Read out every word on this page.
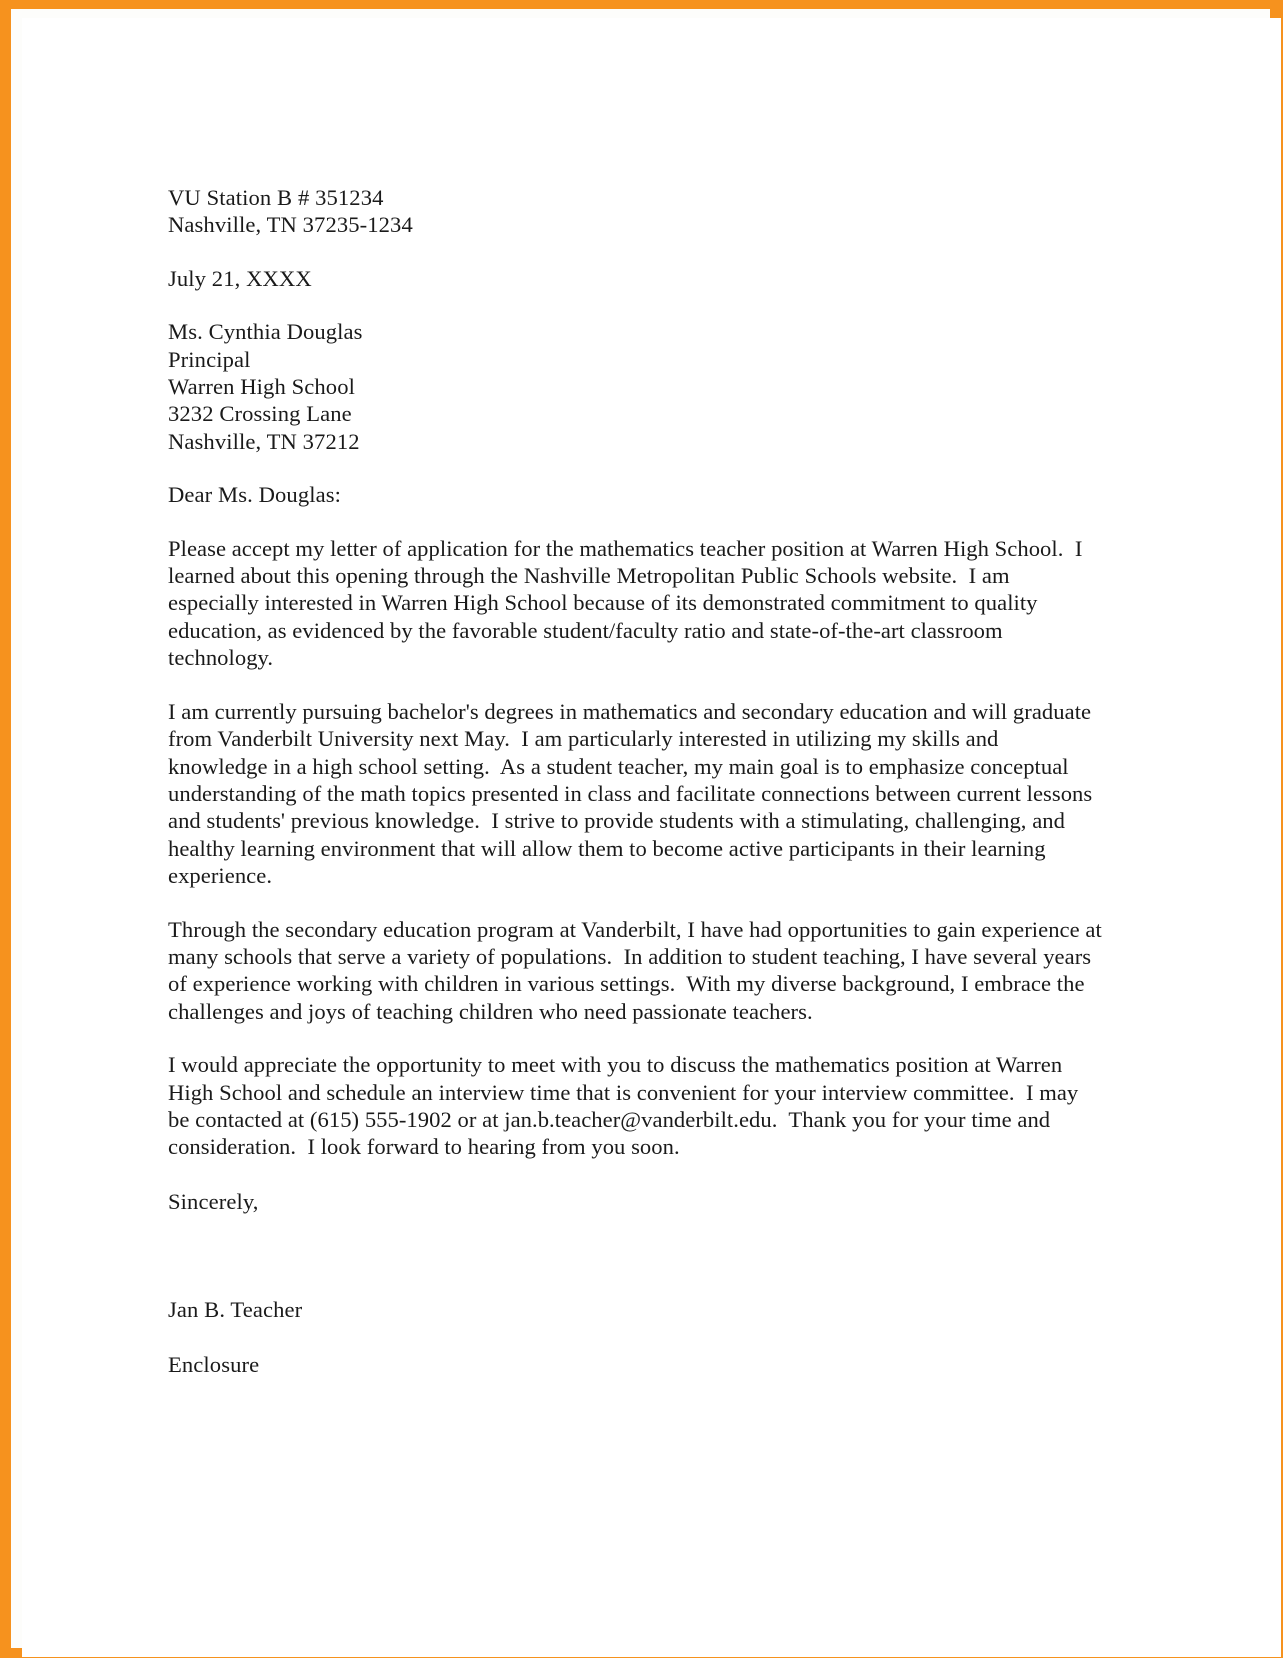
VU Station B # 351234
Nashville, TN 37235-1234
July 21, XXXX
Ms. Cynthia Douglas
Principal
Warren High School
3232 Crossing Lane
Nashville, TN 37212
Dear Ms. Douglas:

Please accept my letter of application for the mathematics teacher position at Warren High School.  I learned about this opening through the Nashville Metropolitan Public Schools website.  I am especially interested in Warren High School because of its demonstrated commitment to quality education, as evidenced by the favorable student/faculty ratio and state-of-the-art classroom technology.

I am currently pursuing bachelor's degrees in mathematics and secondary education and will graduate from Vanderbilt University next May.  I am particularly interested in utilizing my skills and knowledge in a high school setting.  As a student teacher, my main goal is to emphasize conceptual understanding of the math topics presented in class and facilitate connections between current lessons and students' previous knowledge.  I strive to provide students with a stimulating, challenging, and healthy learning environment that will allow them to become active participants in their learning experience.

Through the secondary education program at Vanderbilt, I have had opportunities to gain experience at many schools that serve a variety of populations.  In addition to student teaching, I have several years of experience working with children in various settings.  With my diverse background, I embrace the challenges and joys of teaching children who need passionate teachers.

I would appreciate the opportunity to meet with you to discuss the mathematics position at Warren High School and schedule an interview time that is convenient for your interview committee.  I may be contacted at (615) 555-1902 or at jan.b.teacher@vanderbilt.edu.  Thank you for your time and consideration.  I look forward to hearing from you soon.

Sincerely,
Jan B. Teacher
Enclosure
